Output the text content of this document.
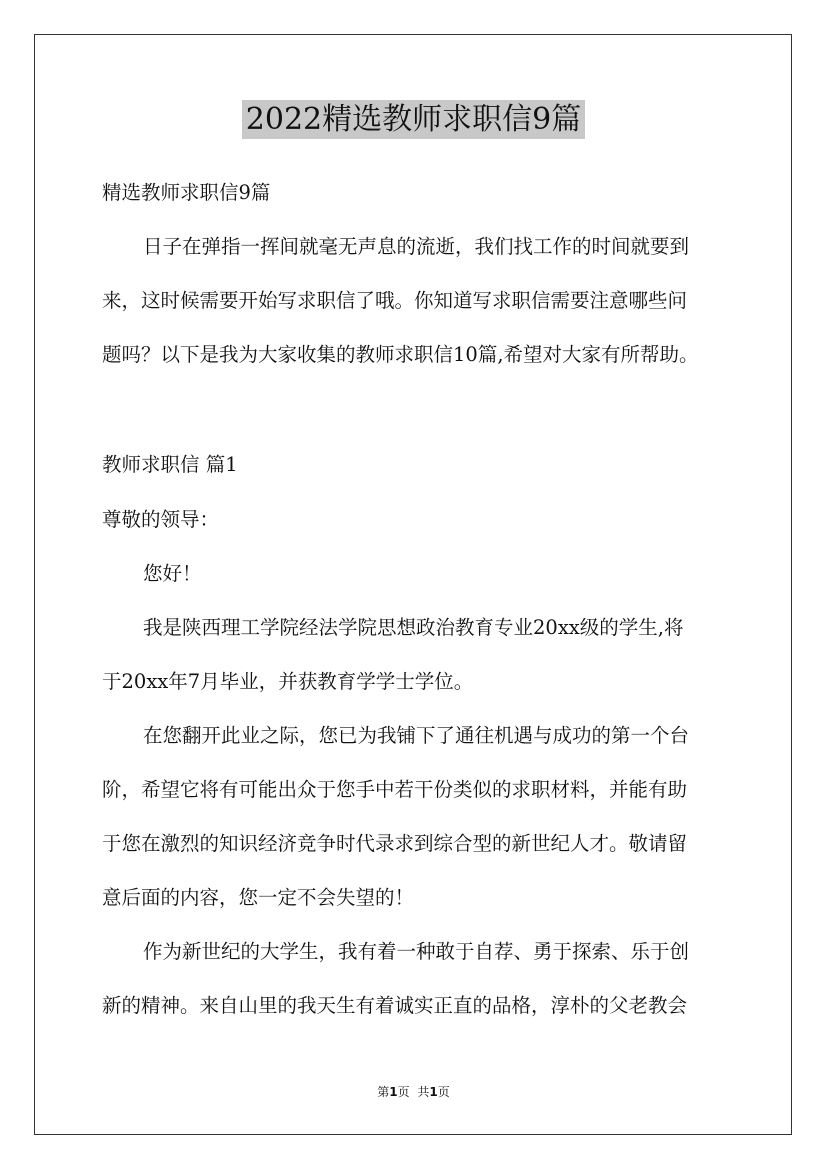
2022精选教师求职信9篇
精选教师求职信9篇
日子在弹指一挥间就毫无声息的流逝，我们找工作的时间就要到
来，这时候需要开始写求职信了哦。你知道写求职信需要注意哪些问
题吗？以下是我为大家收集的教师求职信10篇,希望对大家有所帮助。
教师求职信 篇1
尊敬的领导：
您好！
我是陕西理工学院经法学院思想政治教育专业20xx级的学生,将
于20xx年7月毕业，并获教育学学士学位。
在您翻开此业之际，您已为我铺下了通往机遇与成功的第一个台
阶，希望它将有可能出众于您手中若干份类似的求职材料，并能有助
于您在激烈的知识经济竞争时代录求到综合型的新世纪人才。敬请留
意后面的内容，您一定不会失望的！
作为新世纪的大学生，我有着一种敢于自荐、勇于探索、乐于创
新的精神。来自山里的我天生有着诚实正直的品格，淳朴的父老教会
第1页 共1页
